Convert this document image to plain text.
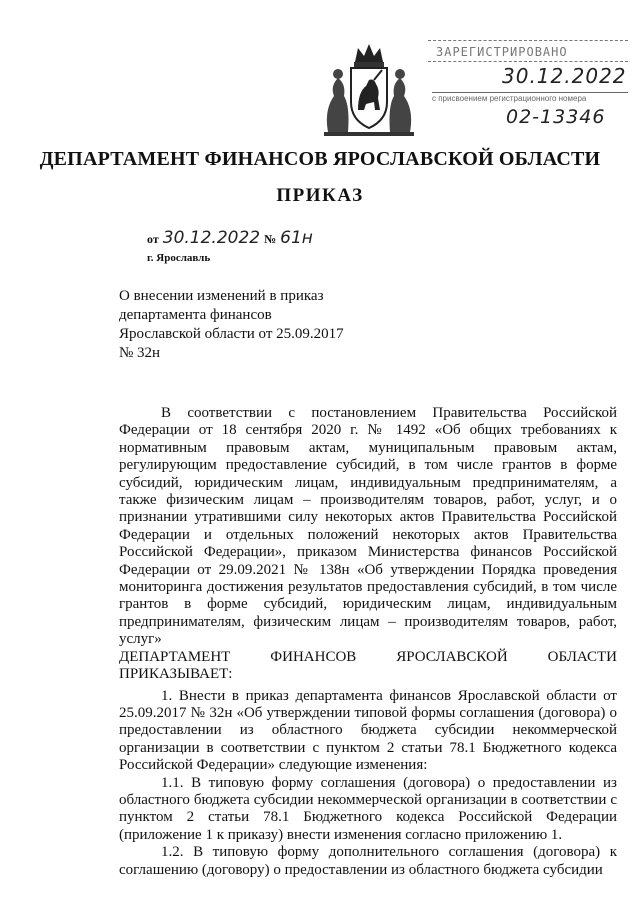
ЗАРЕГИСТРИРОВАНО
30.12.2022
с присвоением регистрационного номера
02-13346
ДЕПАРТАМЕНТ ФИНАНСОВ ЯРОСЛАВСКОЙ ОБЛАСТИ
ПРИКАЗ
от 30.12.2022 № 61н
г. Ярославль
О внесении изменений в приказ
департамента финансов
Ярославской области от 25.09.2017
№ 32н

В соответствии с постановлением Правительства Российской Федерации от 18 сентября 2020 г. № 1492 «Об общих требованиях к нормативным правовым актам, муниципальным правовым актам, регулирующим предоставление субсидий, в том числе грантов в форме субсидий, юридическим лицам, индивидуальным предпринимателям, а также физическим лицам – производителям товаров, работ, услуг, и о признании утратившими силу некоторых актов Правительства Российской Федерации и отдельных положений некоторых актов Правительства Российской Федерации», приказом Министерства финансов Российской Федерации от 29.09.2021 № 138н «Об утверждении Порядка проведения мониторинга достижения результатов предоставления субсидий, в том числе грантов в форме субсидий, юридическим лицам, индивидуальным предпринимателям, физическим лицам – производителям товаров, работ, услуг»

ДЕПАРТАМЕНТ ФИНАНСОВ ЯРОСЛАВСКОЙ ОБЛАСТИ ПРИКАЗЫВАЕТ:

1. Внести в приказ департамента финансов Ярославской области от 25.09.2017 № 32н «Об утверждении типовой формы соглашения (договора) о предоставлении из областного бюджета субсидии некоммерческой организации в соответствии с пунктом 2 статьи 78.1 Бюджетного кодекса Российской Федерации» следующие изменения:

1.1. В типовую форму соглашения (договора) о предоставлении из областного бюджета субсидии некоммерческой организации в соответствии с пунктом 2 статьи 78.1 Бюджетного кодекса Российской Федерации (приложение 1 к приказу) внести изменения согласно приложению 1.

1.2. В типовую форму дополнительного соглашения (договора) к соглашению (договору) о предоставлении из областного бюджета субсидии
